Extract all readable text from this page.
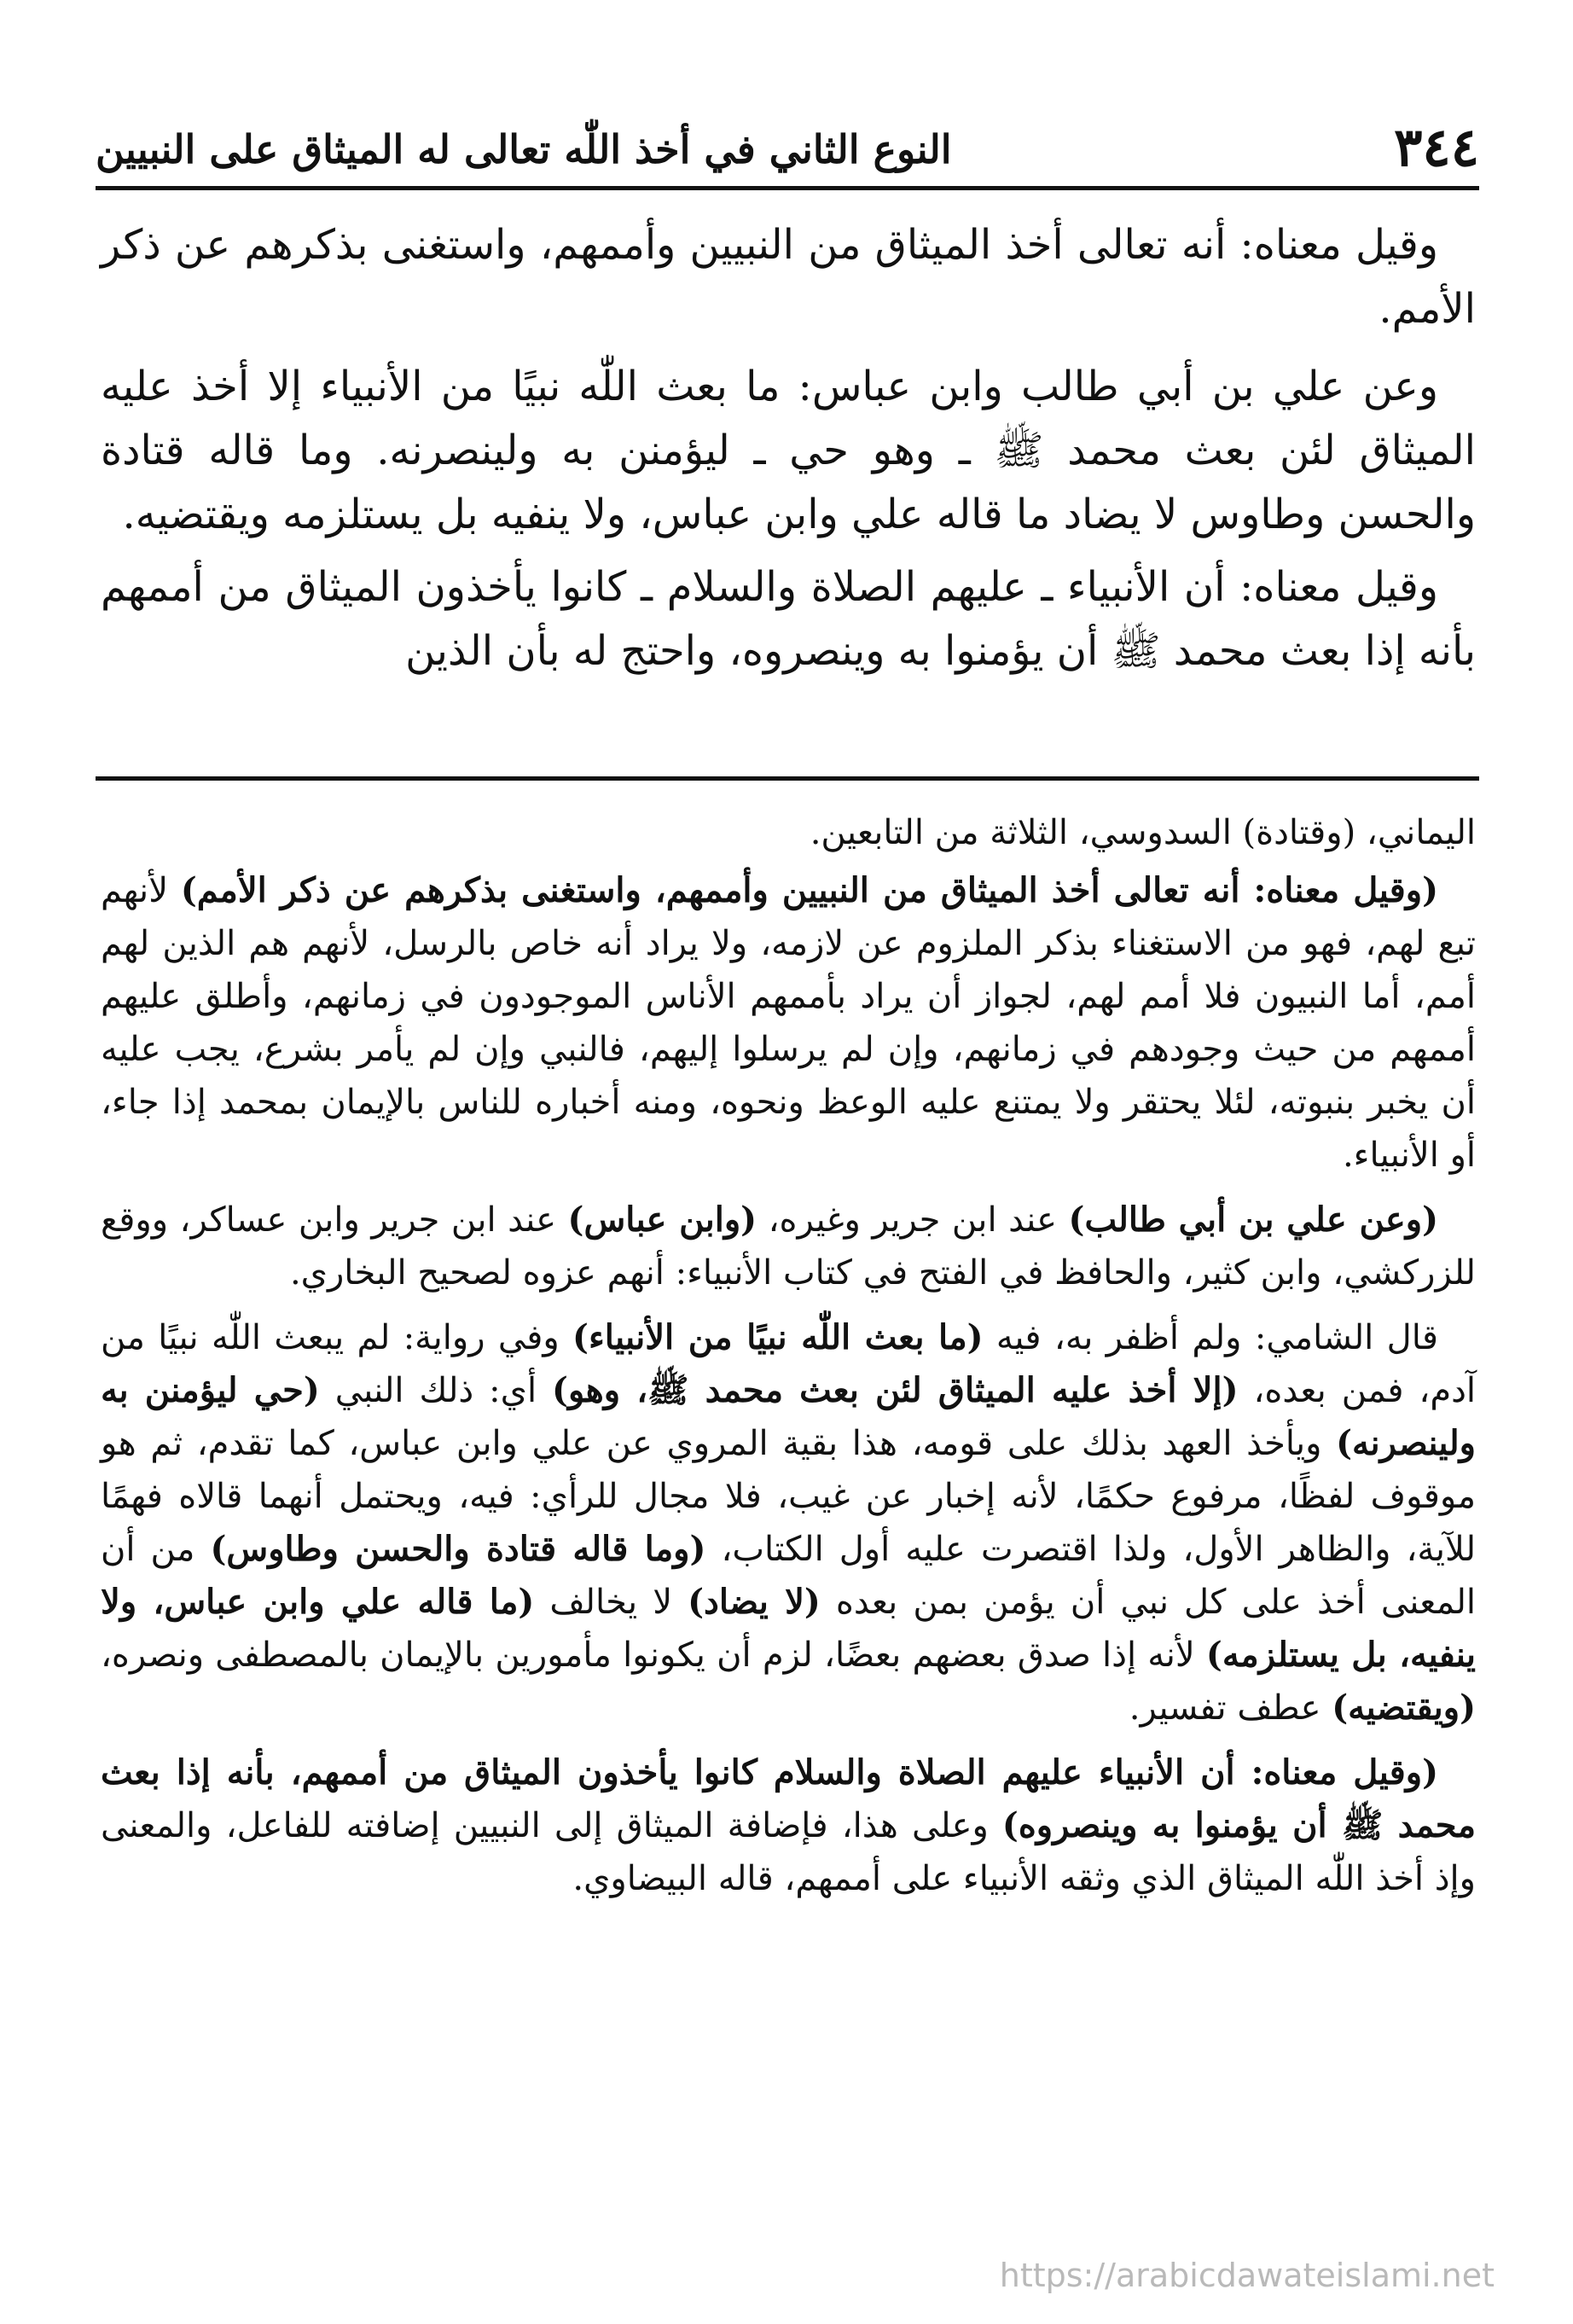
٣٤٤
النوع الثاني في أخذ اللّٰه تعالى له الميثاق على النبيين

وقيل معناه: أنه تعالى أخذ الميثاق من النبيين وأممهم، واستغنى بذكرهم عن ذكر الأمم.

وعن علي بن أبي طالب وابن عباس: ما بعث اللّٰه نبيًا من الأنبياء إلا أخذ عليه الميثاق لئن بعث محمد ﷺ ـ وهو حي ـ ليؤمنن به ولينصرنه. وما قاله قتادة والحسن وطاوس لا يضاد ما قاله علي وابن عباس، ولا ينفيه بل يستلزمه ويقتضيه.

وقيل معناه: أن الأنبياء ـ عليهم الصلاة والسلام ـ كانوا يأخذون الميثاق من أممهم بأنه إذا بعث محمد ﷺ أن يؤمنوا به وينصروه، واحتج له بأن الذين

اليماني، (وقتادة) السدوسي، الثلاثة من التابعين.

(وقيل معناه: أنه تعالى أخذ الميثاق من النبيين وأممهم، واستغنى بذكرهم عن ذكر الأمم) لأنهم تبع لهم، فهو من الاستغناء بذكر الملزوم عن لازمه، ولا يراد أنه خاص بالرسل، لأنهم هم الذين لهم أمم، أما النبيون فلا أمم لهم، لجواز أن يراد بأممهم الأناس الموجودون في زمانهم، وأطلق عليهم أممهم من حيث وجودهم في زمانهم، وإن لم يرسلوا إليهم، فالنبي وإن لم يأمر بشرع، يجب عليه أن يخبر بنبوته، لئلا يحتقر ولا يمتنع عليه الوعظ ونحوه، ومنه أخباره للناس بالإيمان بمحمد إذا جاء، أو الأنبياء.

(وعن علي بن أبي طالب) عند ابن جرير وغيره، (وابن عباس) عند ابن جرير وابن عساكر، ووقع للزركشي، وابن كثير، والحافظ في الفتح في كتاب الأنبياء: أنهم عزوه لصحيح البخاري.

قال الشامي: ولم أظفر به، فيه (ما بعث اللّٰه نبيًا من الأنبياء) وفي رواية: لم يبعث اللّٰه نبيًا من آدم، فمن بعده، (إلا أخذ عليه الميثاق لئن بعث محمد ﷺ، وهو) أي: ذلك النبي (حي ليؤمنن به ولينصرنه) ويأخذ العهد بذلك على قومه، هذا بقية المروي عن علي وابن عباس، كما تقدم، ثم هو موقوف لفظًا، مرفوع حكمًا، لأنه إخبار عن غيب، فلا مجال للرأي: فيه، ويحتمل أنهما قالاه فهمًا للآية، والظاهر الأول، ولذا اقتصرت عليه أول الكتاب، (وما قاله قتادة والحسن وطاوس) من أن المعنى أخذ على كل نبي أن يؤمن بمن بعده (لا يضاد) لا يخالف (ما قاله علي وابن عباس، ولا ينفيه، بل يستلزمه) لأنه إذا صدق بعضهم بعضًا، لزم أن يكونوا مأمورين بالإيمان بالمصطفى ونصره، (ويقتضيه) عطف تفسير.

(وقيل معناه: أن الأنبياء عليهم الصلاة والسلام كانوا يأخذون الميثاق من أممهم، بأنه إذا بعث محمد ﷺ أن يؤمنوا به وينصروه) وعلى هذا، فإضافة الميثاق إلى النبيين إضافته للفاعل، والمعنى وإذ أخذ اللّٰه الميثاق الذي وثقه الأنبياء على أممهم، قاله البيضاوي.

https://arabicdawateislami.net
